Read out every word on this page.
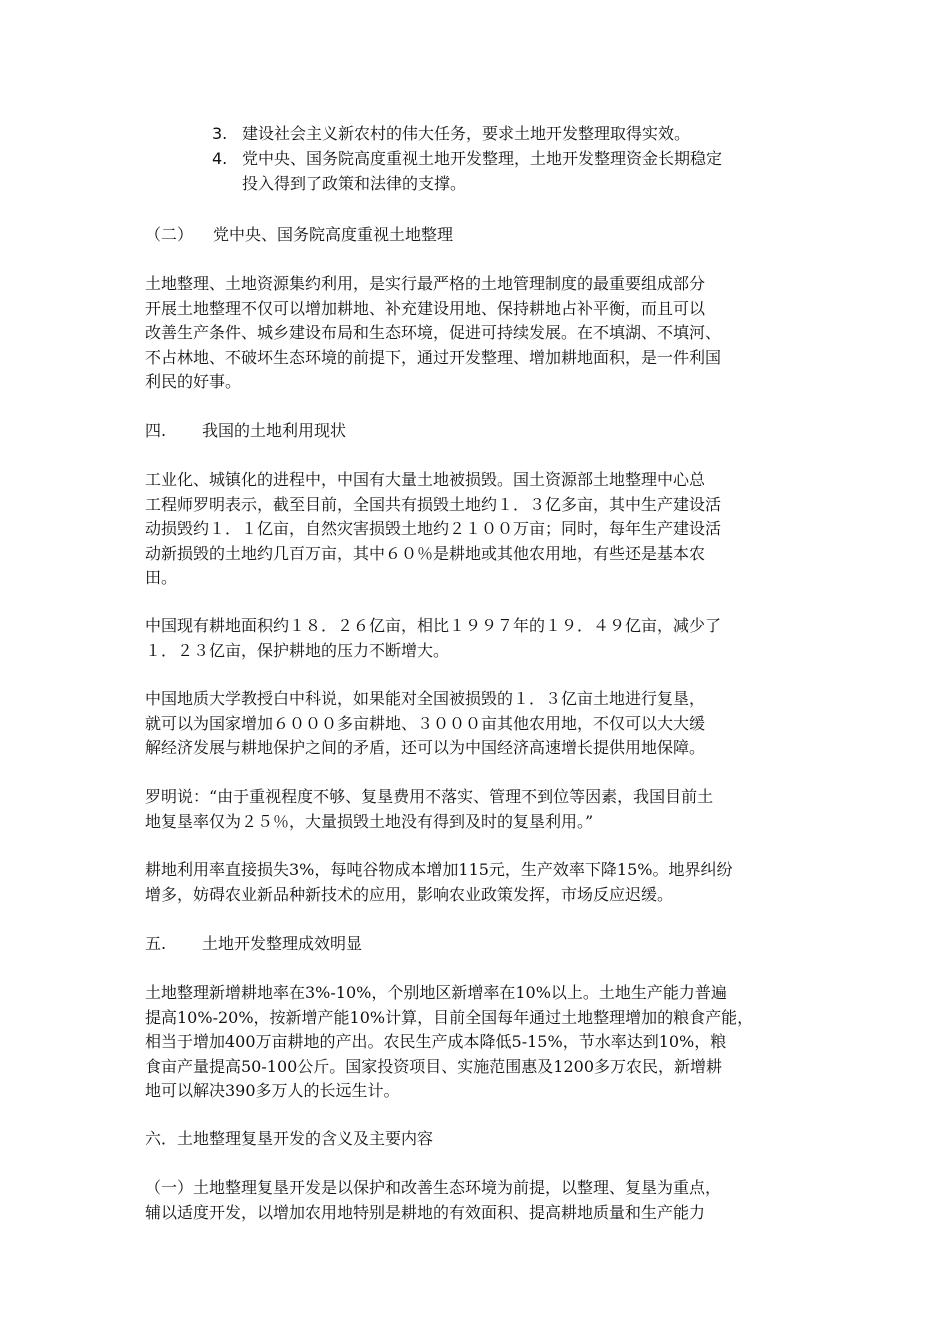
3. 建设社会主义新农村的伟大任务，要求土地开发整理取得实效。
4. 党中央、国务院高度重视土地开发整理，土地开发整理资金长期稳定
投入得到了政策和法律的支撑。
（二） 党中央、国务院高度重视土地整理
土地整理、土地资源集约利用，是实行最严格的土地管理制度的最重要组成部分
开展土地整理不仅可以增加耕地、补充建设用地、保持耕地占补平衡，而且可以
改善生产条件、城乡建设布局和生态环境，促进可持续发展。在不填湖、不填河、
不占林地、不破坏生态环境的前提下，通过开发整理、增加耕地面积，是一件利国
利民的好事。
四. 我国的土地利用现状
工业化、城镇化的进程中，中国有大量土地被损毁。国土资源部土地整理中心总
工程师罗明表示，截至目前，全国共有损毁土地约１．３亿多亩，其中生产建设活
动损毁约１．１亿亩，自然灾害损毁土地约２１００万亩；同时，每年生产建设活
动新损毁的土地约几百万亩，其中６０％是耕地或其他农用地，有些还是基本农
田。
中国现有耕地面积约１８．２６亿亩，相比１９９７年的１９．４９亿亩，减少了
１．２３亿亩，保护耕地的压力不断增大。
中国地质大学教授白中科说，如果能对全国被损毁的１．３亿亩土地进行复垦，
就可以为国家增加６０００多亩耕地、３０００亩其他农用地，不仅可以大大缓
解经济发展与耕地保护之间的矛盾，还可以为中国经济高速增长提供用地保障。
罗明说：“由于重视程度不够、复垦费用不落实、管理不到位等因素，我国目前土
地复垦率仅为２５％，大量损毁土地没有得到及时的复垦利用。”
耕地利用率直接损失3%，每吨谷物成本增加115元，生产效率下降15%。地界纠纷
增多，妨碍农业新品种新技术的应用，影响农业政策发挥，市场反应迟缓。
五. 土地开发整理成效明显
土地整理新增耕地率在3%-10%，个别地区新增率在10%以上。土地生产能力普遍
提高10%-20%，按新增产能10%计算，目前全国每年通过土地整理增加的粮食产能，
相当于增加400万亩耕地的产出。农民生产成本降低5-15%，节水率达到10%，粮
食亩产量提高50-100公斤。国家投资项目、实施范围惠及1200多万农民，新增耕
地可以解决390多万人的长远生计。
六．土地整理复垦开发的含义及主要内容
（一）土地整理复垦开发是以保护和改善生态环境为前提，以整理、复垦为重点，
辅以适度开发，以增加农用地特别是耕地的有效面积、提高耕地质量和生产能力
